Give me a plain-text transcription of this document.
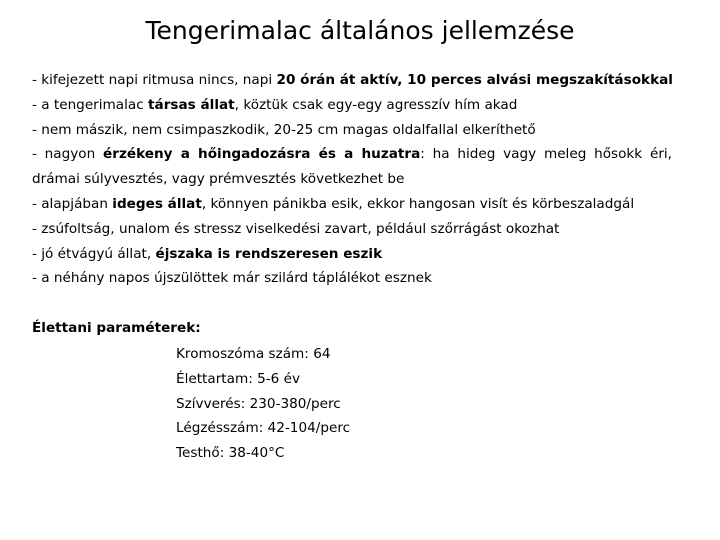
Tengerimalac általános jellemzése
- kifejezett napi ritmusa nincs, napi 20 órán át aktív, 10 perces alvási megszakításokkal
- a tengerimalac társas állat, köztük csak egy-egy agresszív hím akad
- nem mászik, nem csimpaszkodik, 20-25 cm magas oldalfallal elkeríthető
- nagyon érzékeny a hőingadozásra és a huzatra: ha hideg vagy meleg hősokk éri,
drámai súlyvesztés, vagy prémvesztés következhet be
- alapjában ideges állat, könnyen pánikba esik, ekkor hangosan visít és körbeszaladgál
- zsúfoltság, unalom és stressz viselkedési zavart, például szőrrágást okozhat
- jó étvágyú állat, éjszaka is rendszeresen eszik
- a néhány napos újszülöttek már szilárd táplálékot esznek
Élettani paraméterek:
Kromoszóma szám: 64
Élettartam: 5-6 év
Szívverés: 230-380/perc
Légzésszám: 42-104/perc
Testhő: 38-40°C
